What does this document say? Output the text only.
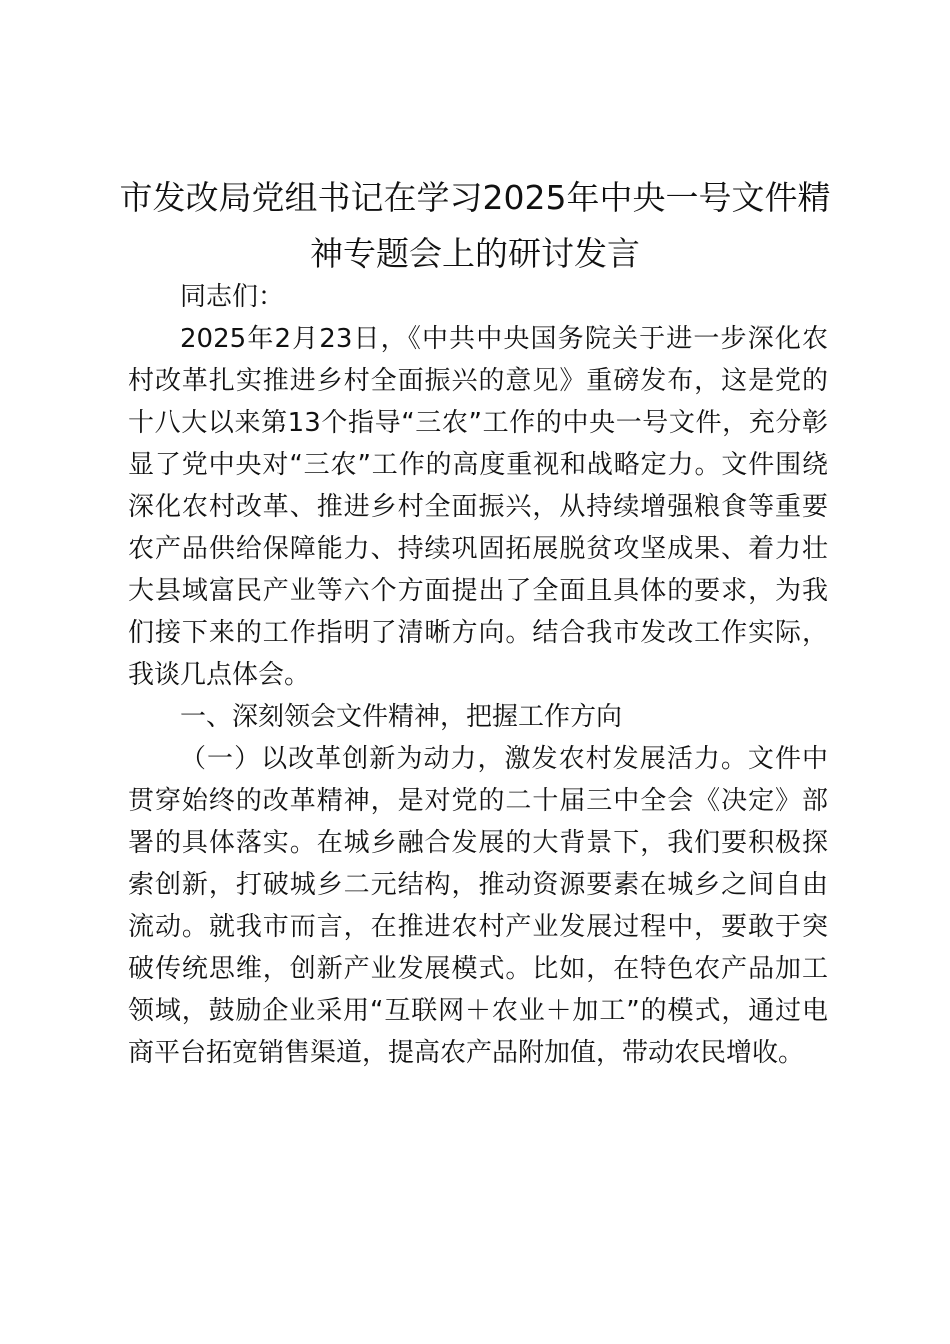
市发改局党组书记在学习2025年中央一号文件精神专题会上的研讨发言

同志们：

2025年2月23日，《中共中央国务院关于进一步深化农村改革扎实推进乡村全面振兴的意见》重磅发布，这是党的十八大以来第13个指导“三农”工作的中央一号文件，充分彰显了党中央对“三农”工作的高度重视和战略定力。文件围绕深化农村改革、推进乡村全面振兴，从持续增强粮食等重要农产品供给保障能力、持续巩固拓展脱贫攻坚成果、着力壮大县域富民产业等六个方面提出了全面且具体的要求，为我们接下来的工作指明了清晰方向。结合我市发改工作实际，我谈几点体会。

一、深刻领会文件精神，把握工作方向

（一）以改革创新为动力，激发农村发展活力。文件中贯穿始终的改革精神，是对党的二十届三中全会《决定》部署的具体落实。在城乡融合发展的大背景下，我们要积极探索创新，打破城乡二元结构，推动资源要素在城乡之间自由流动。就我市而言，在推进农村产业发展过程中，要敢于突破传统思维，创新产业发展模式。比如，在特色农产品加工领域，鼓励企业采用“互联网＋农业＋加工”的模式，通过电商平台拓宽销售渠道，提高农产品附加值，带动农民增收。
